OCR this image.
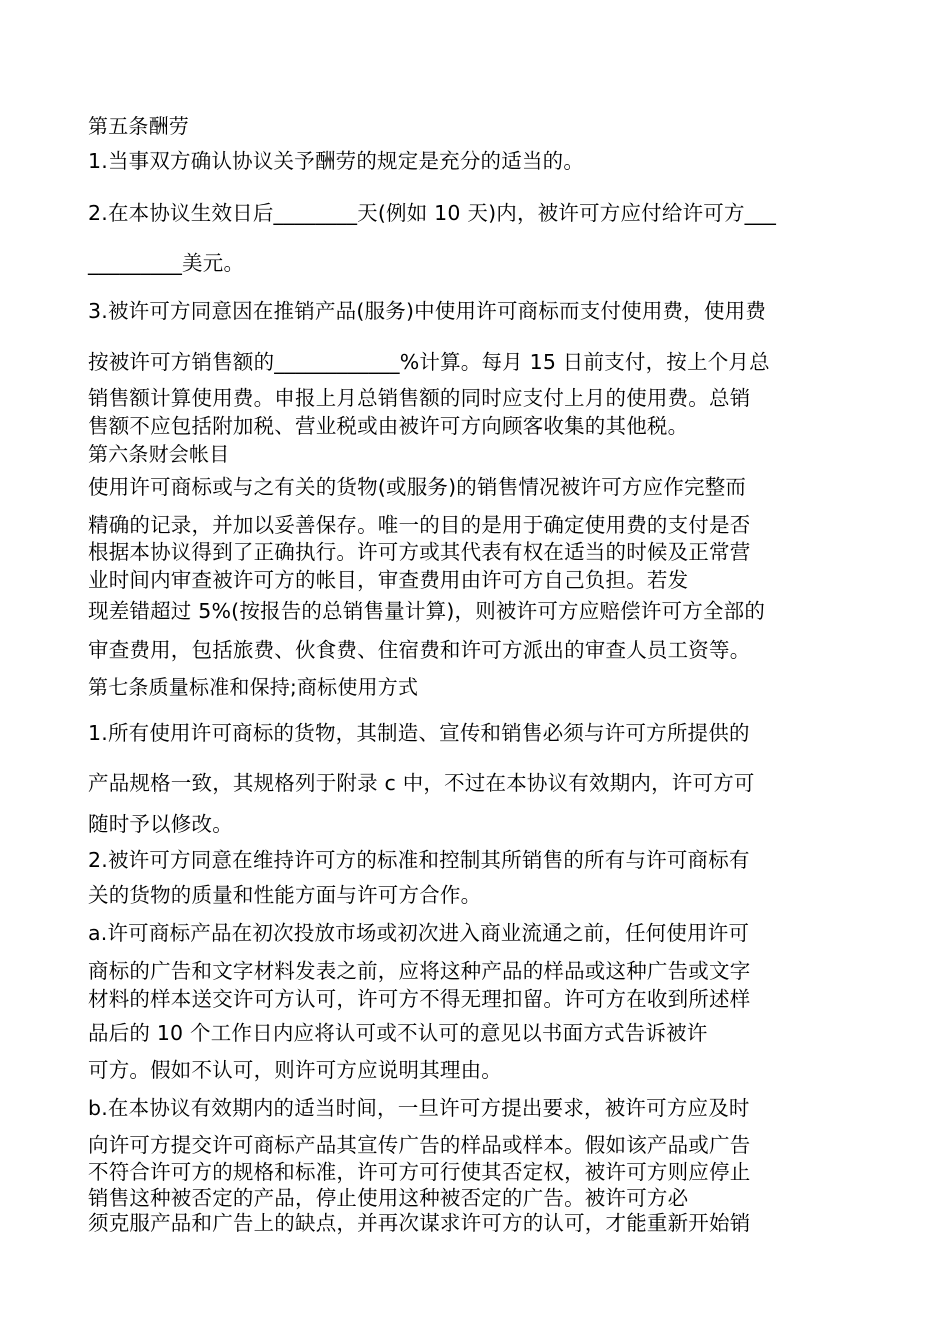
第五条酬劳
1.当事双方确认协议关予酬劳的规定是充分的适当的。
2.在本协议生效日后________天(例如 10 天)内，被许可方应付给许可方___
_________美元。
3.被许可方同意因在推销产品(服务)中使用许可商标而支付使用费，使用费
按被许可方销售额的____________%计算。每月 15 日前支付，按上个月总
销售额计算使用费。申报上月总销售额的同时应支付上月的使用费。总销
售额不应包括附加税、营业税或由被许可方向顾客收集的其他税。
第六条财会帐目
使用许可商标或与之有关的货物(或服务)的销售情况被许可方应作完整而
精确的记录，并加以妥善保存。唯一的目的是用于确定使用费的支付是否
根据本协议得到了正确执行。许可方或其代表有权在适当的时候及正常营
业时间内审查被许可方的帐目，审查费用由许可方自己负担。若发
现差错超过 5%(按报告的总销售量计算)，则被许可方应赔偿许可方全部的
审查费用，包括旅费、伙食费、住宿费和许可方派出的审查人员工资等。
第七条质量标准和保持;商标使用方式
1.所有使用许可商标的货物，其制造、宣传和销售必须与许可方所提供的
产品规格一致，其规格列于附录 c 中，不过在本协议有效期内，许可方可
随时予以修改。
2.被许可方同意在维持许可方的标准和控制其所销售的所有与许可商标有
关的货物的质量和性能方面与许可方合作。
a.许可商标产品在初次投放市场或初次进入商业流通之前，任何使用许可
商标的广告和文字材料发表之前，应将这种产品的样品或这种广告或文字
材料的样本送交许可方认可，许可方不得无理扣留。许可方在收到所述样
品后的 10 个工作日内应将认可或不认可的意见以书面方式告诉被许
可方。假如不认可，则许可方应说明其理由。
b.在本协议有效期内的适当时间，一旦许可方提出要求，被许可方应及时
向许可方提交许可商标产品其宣传广告的样品或样本。假如该产品或广告
不符合许可方的规格和标准，许可方可行使其否定权，被许可方则应停止
销售这种被否定的产品，停止使用这种被否定的广告。被许可方必
须克服产品和广告上的缺点，并再次谋求许可方的认可，才能重新开始销
